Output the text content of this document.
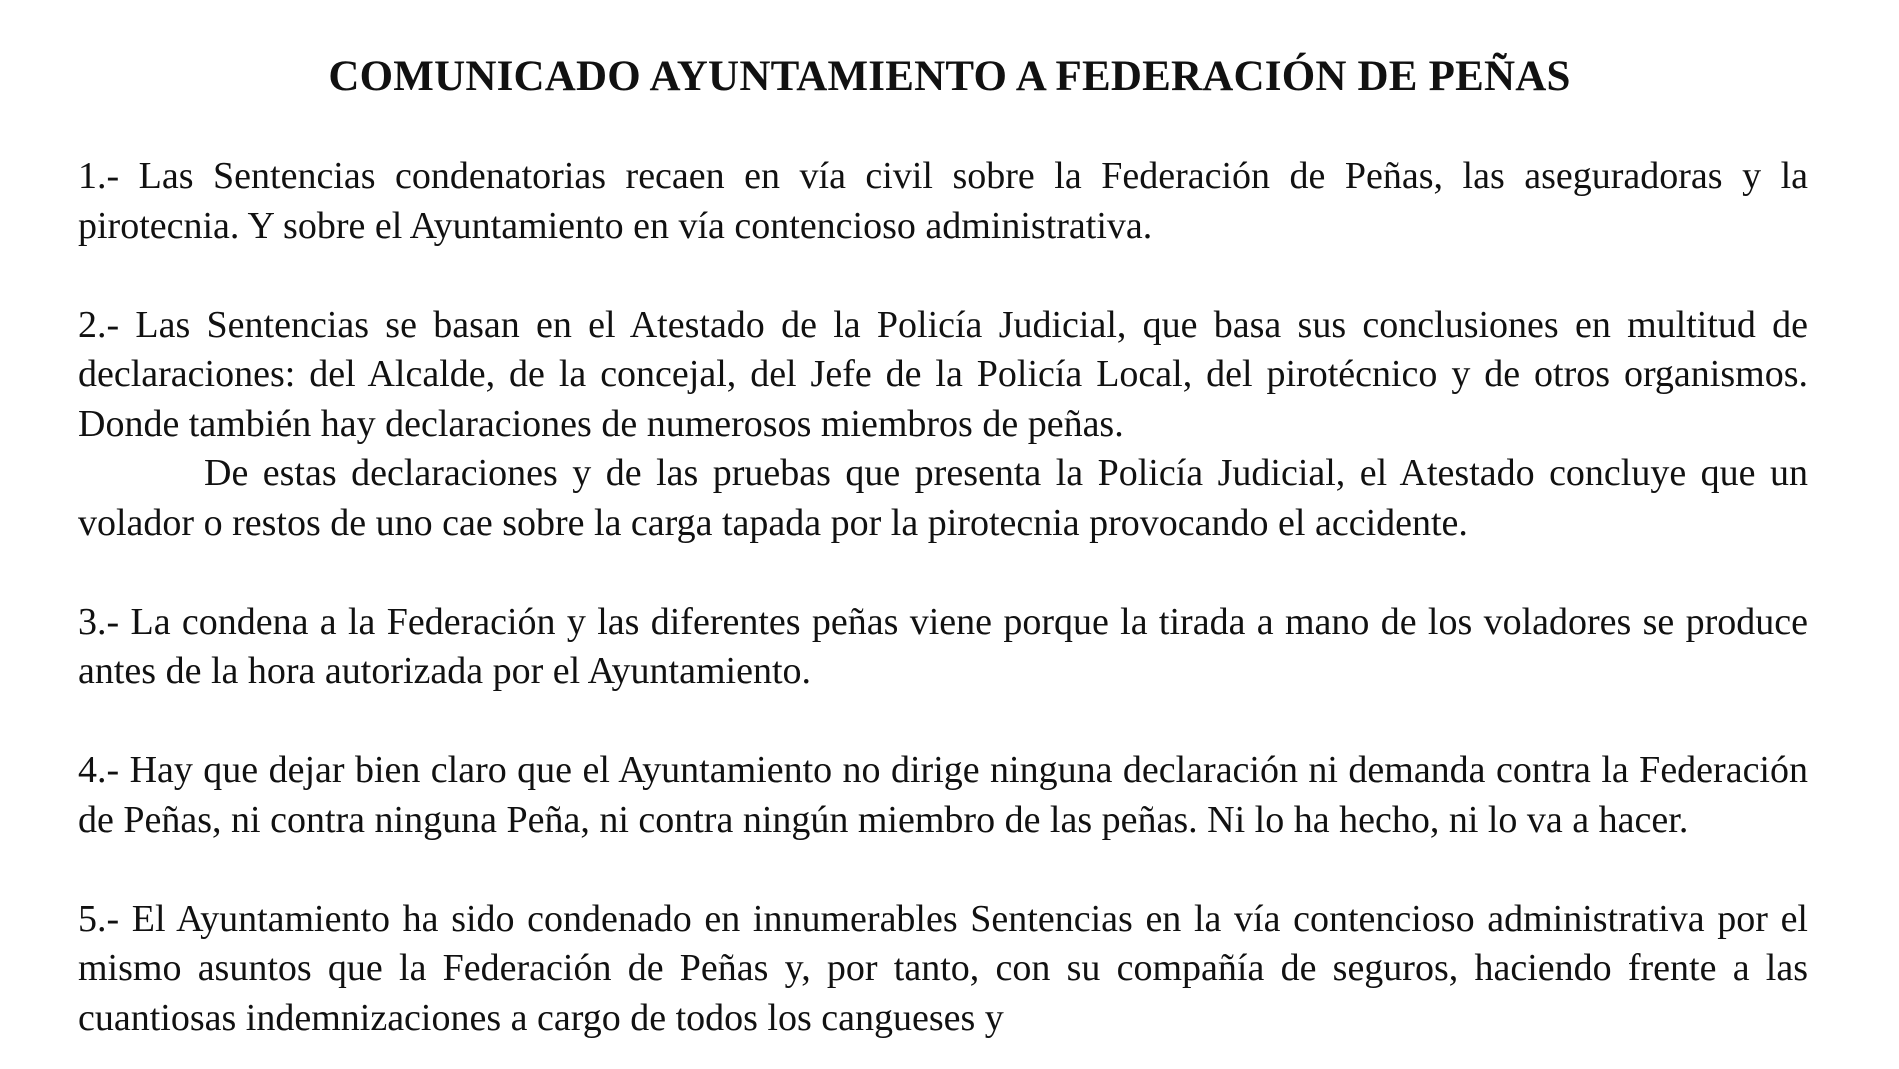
COMUNICADO AYUNTAMIENTO A FEDERACIÓN DE PEÑAS

1.- Las Sentencias condenatorias recaen en vía civil sobre la Federación de Peñas, las aseguradoras y la pirotecnia. Y sobre el Ayuntamiento en vía contencioso administrativa.

2.- Las Sentencias se basan en el Atestado de la Policía Judicial, que basa sus conclusiones en multitud de declaraciones: del Alcalde, de la concejal, del Jefe de la Policía Local, del pirotécnico y de otros organismos. Donde también hay declaraciones de numerosos miembros de peñas.

De estas declaraciones y de las pruebas que presenta la Policía Judicial, el Atestado concluye que un volador o restos de uno cae sobre la carga tapada por la pirotecnia provocando el accidente.

3.- La condena a la Federación y las diferentes peñas viene porque la tirada a mano de los voladores se produce antes de la hora autorizada por el Ayuntamiento.

4.- Hay que dejar bien claro que el Ayuntamiento no dirige ninguna declaración ni demanda contra la Federación de Peñas, ni contra ninguna Peña, ni contra ningún miembro de las peñas. Ni lo ha hecho, ni lo va a hacer.

5.- El Ayuntamiento ha sido condenado en innumerables Sentencias en la vía contencioso administrativa por el mismo asuntos que la Federación de Peñas y, por tanto, con su compañía de seguros, haciendo frente a las cuantiosas indemnizaciones a cargo de todos los cangueses y
